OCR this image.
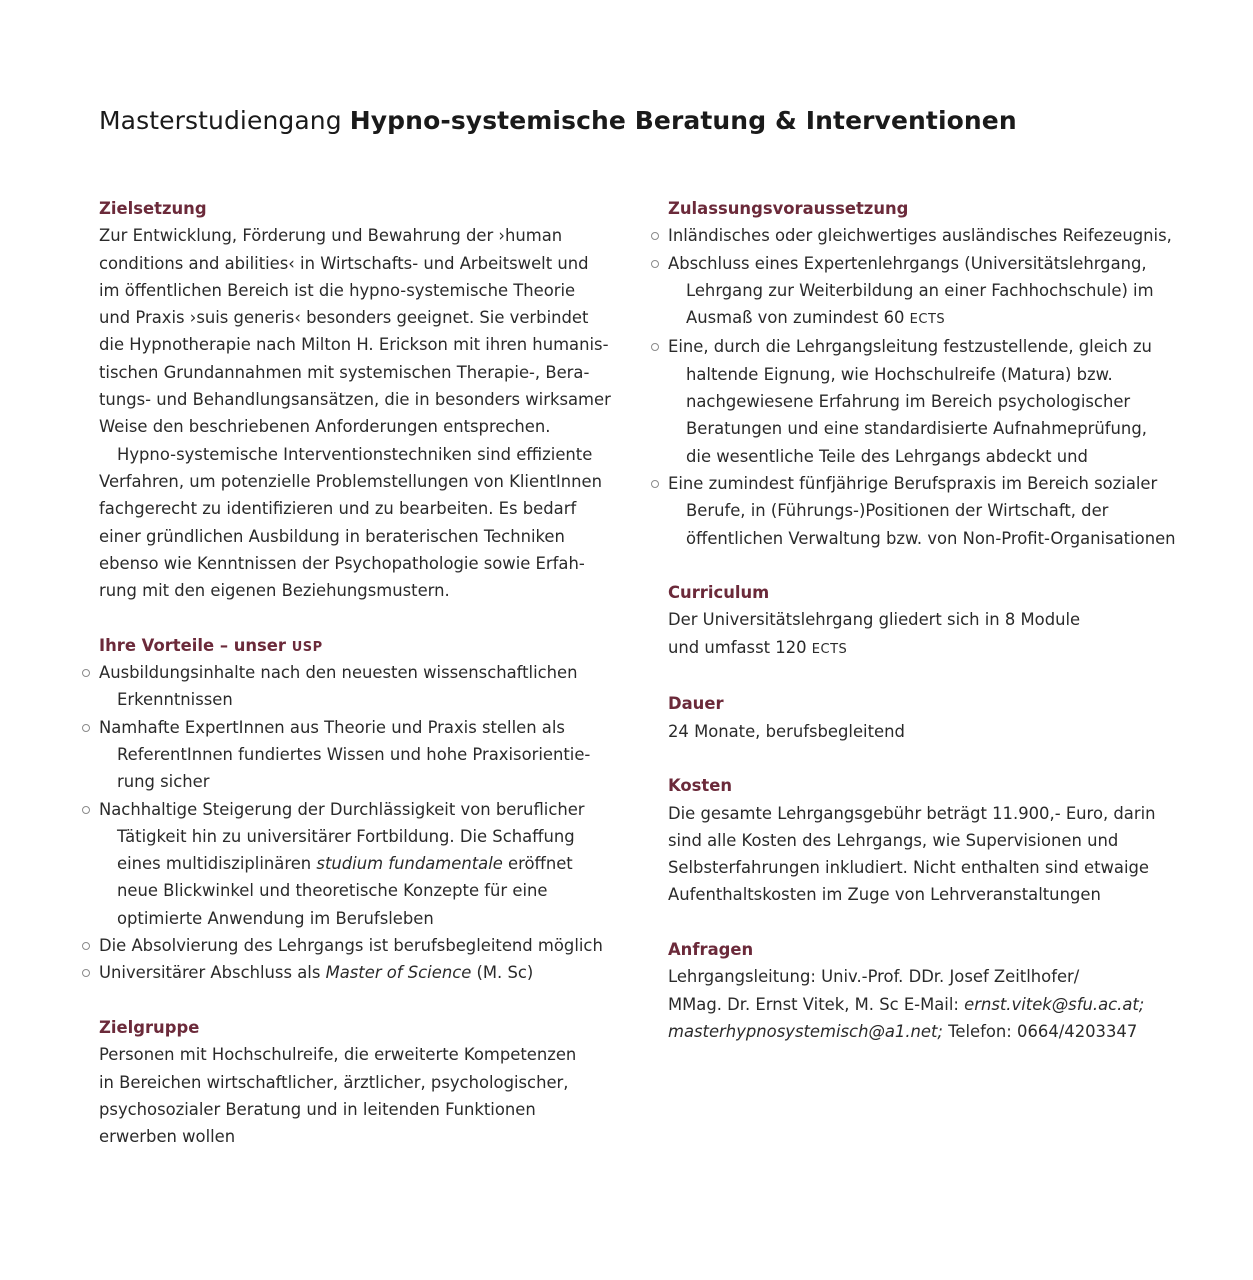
Masterstudiengang Hypno-systemische Beratung & Interventionen
Zielsetzung
Zur Entwicklung, Förderung und Bewahrung der ›human
conditions and abilities‹ in Wirtschafts- und Arbeitswelt und
im öffentlichen Bereich ist die hypno-systemische Theorie
und Praxis ›suis generis‹ besonders geeignet. Sie verbindet
die Hypnotherapie nach Milton H. Erickson mit ihren humanis-
tischen Grundannahmen mit systemischen Therapie-, Bera-
tungs- und Behandlungsansätzen, die in besonders wirksamer
Weise den beschriebenen Anforderungen entsprechen.
Hypno-systemische Interventionstechniken sind effiziente
Verfahren, um potenzielle Problemstellungen von KlientInnen
fachgerecht zu identifizieren und zu bearbeiten. Es bedarf
einer gründlichen Ausbildung in beraterischen Techniken
ebenso wie Kenntnissen der Psychopathologie sowie Erfah-
rung mit den eigenen Beziehungsmustern.
Ihre Vorteile – unser USP
Ausbildungsinhalte nach den neuesten wissenschaftlichen
Erkenntnissen
Namhafte ExpertInnen aus Theorie und Praxis stellen als
ReferentInnen fundiertes Wissen und hohe Praxisorientie-
rung sicher
Nachhaltige Steigerung der Durchlässigkeit von beruflicher
Tätigkeit hin zu universitärer Fortbildung. Die Schaffung
eines multidisziplinären studium fundamentale eröffnet
neue Blickwinkel und theoretische Konzepte für eine
optimierte Anwendung im Berufsleben
Die Absolvierung des Lehrgangs ist berufsbegleitend möglich
Universitärer Abschluss als Master of Science (M. Sc)
Zielgruppe
Personen mit Hochschulreife, die erweiterte Kompetenzen
in Bereichen wirtschaftlicher, ärztlicher, psychologischer,
psychosozialer Beratung und in leitenden Funktionen
erwerben wollen
Zulassungsvoraussetzung
Inländisches oder gleichwertiges ausländisches Reifezeugnis,
Abschluss eines Expertenlehrgangs (Universitätslehrgang,
Lehrgang zur Weiterbildung an einer Fachhochschule) im
Ausmaß von zumindest 60 ECTS
Eine, durch die Lehrgangsleitung festzustellende, gleich zu
haltende Eignung, wie Hochschulreife (Matura) bzw.
nachgewiesene Erfahrung im Bereich psychologischer
Beratungen und eine standardisierte Aufnahmeprüfung,
die wesentliche Teile des Lehrgangs abdeckt und
Eine zumindest fünfjährige Berufspraxis im Bereich sozialer
Berufe, in (Führungs-)Positionen der Wirtschaft, der
öffentlichen Verwaltung bzw. von Non-Profit-Organisationen
Curriculum
Der Universitätslehrgang gliedert sich in 8 Module
und umfasst 120 ECTS
Dauer
24 Monate, berufsbegleitend
Kosten
Die gesamte Lehrgangsgebühr beträgt 11.900,- Euro, darin
sind alle Kosten des Lehrgangs, wie Supervisionen und
Selbsterfahrungen inkludiert. Nicht enthalten sind etwaige
Aufenthaltskosten im Zuge von Lehrveranstaltungen
Anfragen
Lehrgangsleitung: Univ.-Prof. DDr. Josef Zeitlhofer/
MMag. Dr. Ernst Vitek, M. Sc E-Mail: ernst.vitek@sfu.ac.at;
masterhypnosystemisch@a1.net; Telefon: 0664/4203347
